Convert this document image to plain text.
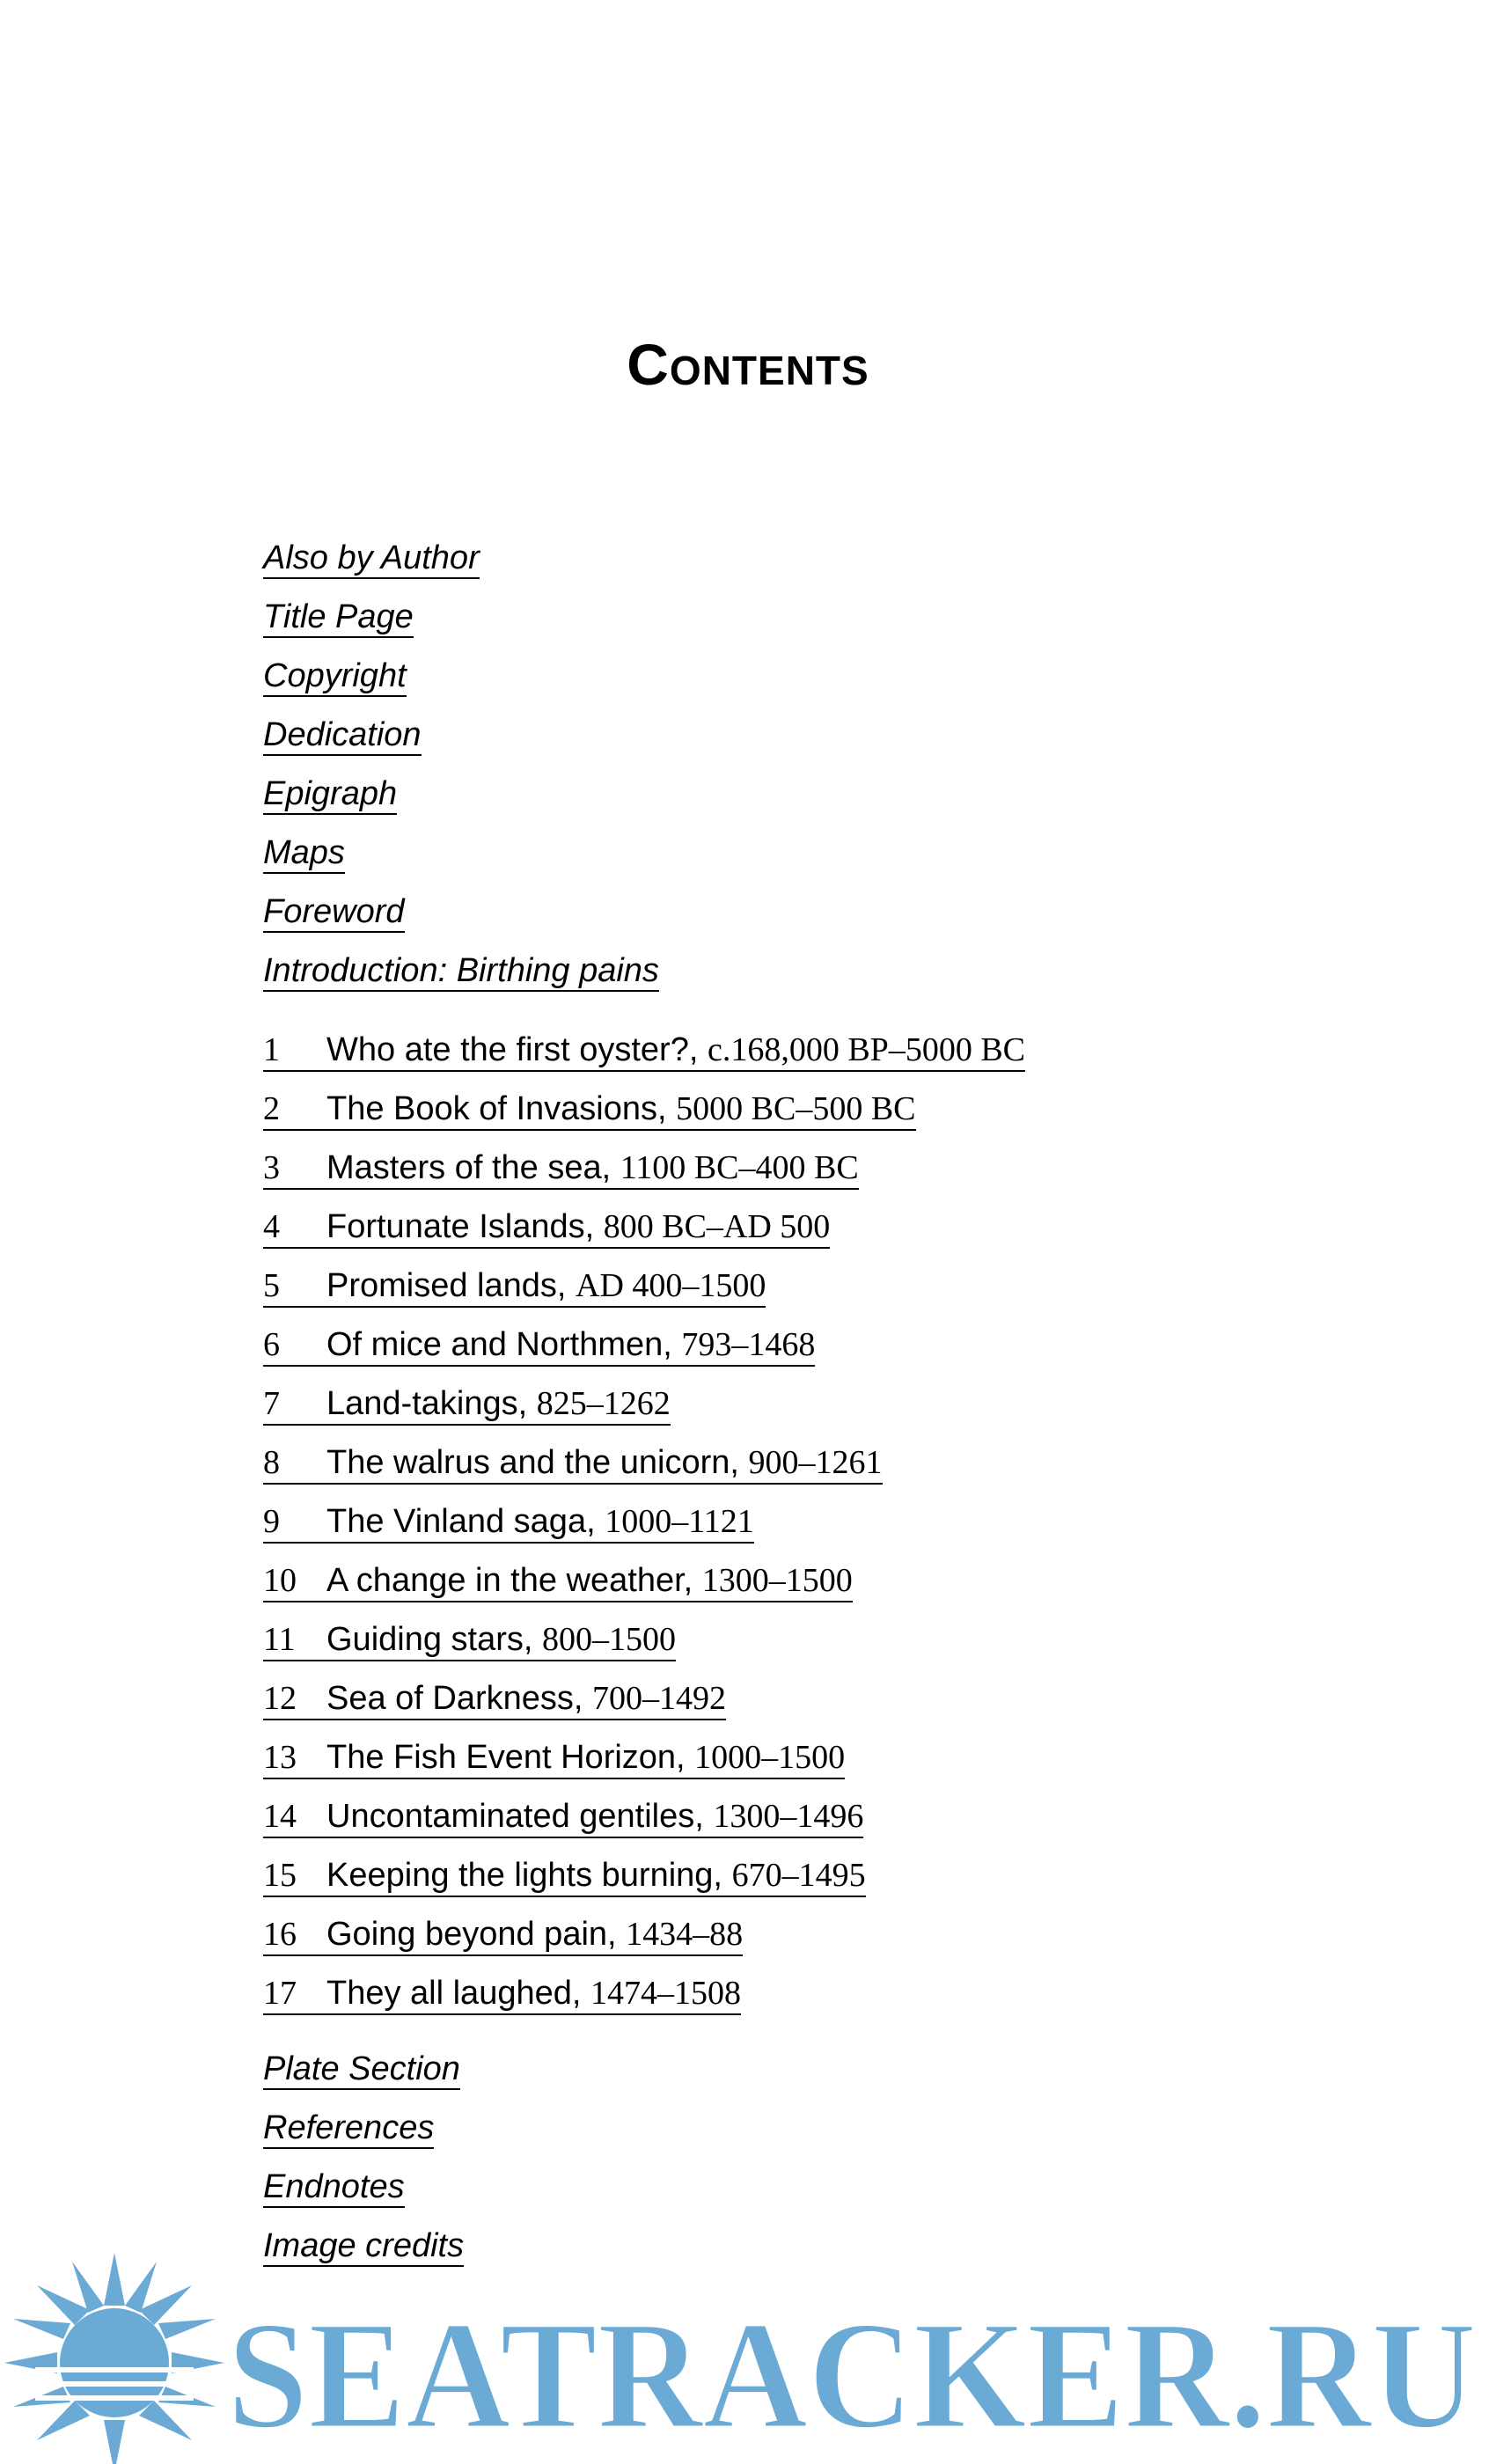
Contents
Also by Author
Title Page
Copyright
Dedication
Epigraph
Maps
Foreword
Introduction: Birthing pains
1 Who ate the first oyster?, c.168,000 BP–5000 BC
2 The Book of Invasions, 5000 BC–500 BC
3 Masters of the sea, 1100 BC–400 BC
4 Fortunate Islands, 800 BC–AD 500
5 Promised lands, AD 400–1500
6 Of mice and Northmen, 793–1468
7 Land-takings, 825–1262
8 The walrus and the unicorn, 900–1261
9 The Vinland saga, 1000–1121
10 A change in the weather, 1300–1500
11 Guiding stars, 800–1500
12 Sea of Darkness, 700–1492
13 The Fish Event Horizon, 1000–1500
14 Uncontaminated gentiles, 1300–1496
15 Keeping the lights burning, 670–1495
16 Going beyond pain, 1434–88
17 They all laughed, 1474–1508
Plate Section
References
Endnotes
Image credits
SEATRACKER.RU
